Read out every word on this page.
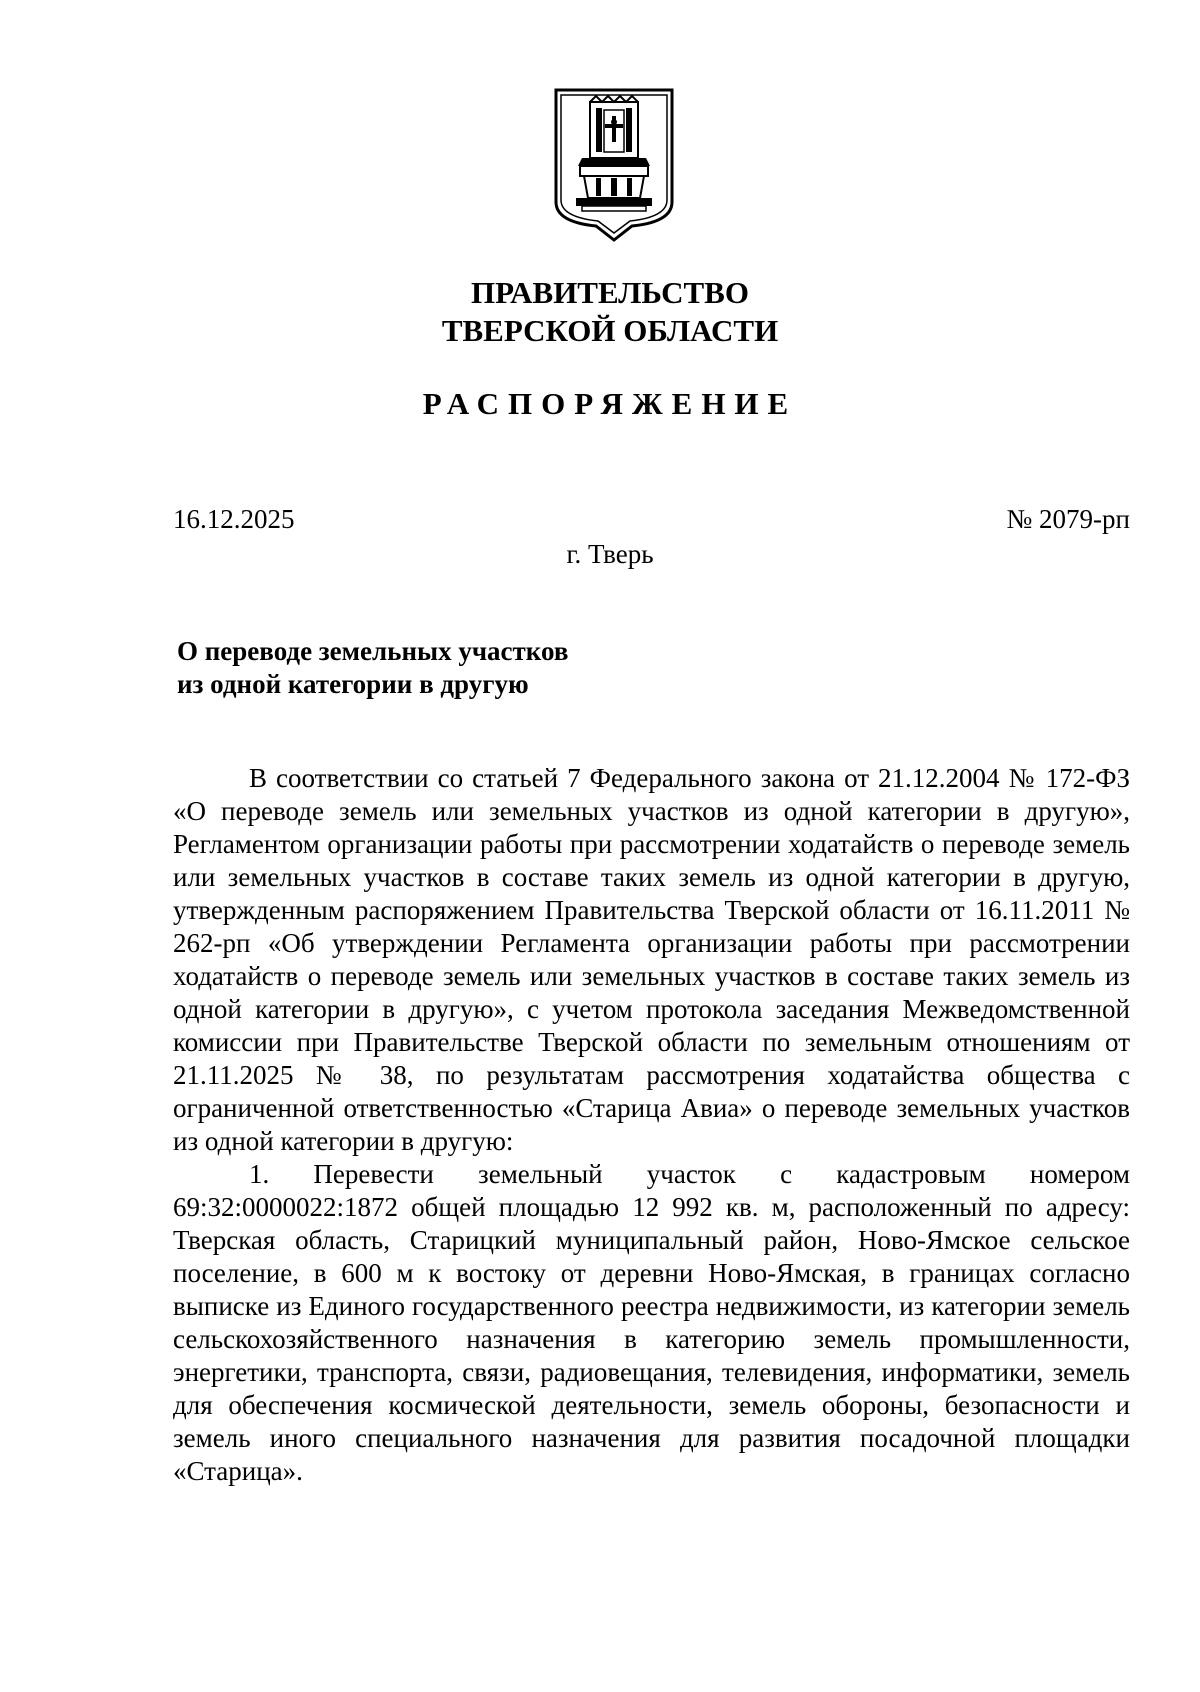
ПРАВИТЕЛЬСТВО
ТВЕРСКОЙ ОБЛАСТИ
РАСПОРЯЖЕНИЕ
16.12.2025	№ 2079-рп
г. Тверь
О переводе земельных участков
из одной категории в другую

В соответствии со статьей 7 Федерального закона от 21.12.2004 № 172-ФЗ «О переводе земель или земельных участков из одной категории в другую», Регламентом организации работы при рассмотрении ходатайств о переводе земель или земельных участков в составе таких земель из одной категории в другую, утвержденным распоряжением Правительства Тверской области от 16.11.2011 № 262-рп «Об утверждении Регламента организации работы при рассмотрении ходатайств о переводе земель или земельных участков в составе таких земель из одной категории в другую», с учетом протокола заседания Межведомственной комиссии при Правительстве Тверской области по земельным отношениям от 21.11.2025 № 38, по результатам рассмотрения ходатайства общества с ограниченной ответственностью «Старица Авиа» о переводе земельных участков из одной категории в другую:

1. Перевести земельный участок с кадастровым номером 69:32:0000022:1872 общей площадью 12 992 кв. м, расположенный по адресу: Тверская область, Старицкий муниципальный район, Ново-Ямское сельское поселение, в 600 м к востоку от деревни Ново-Ямская, в границах согласно выписке из Единого государственного реестра недвижимости, из категории земель сельскохозяйственного назначения в категорию земель промышленности, энергетики, транспорта, связи, радиовещания, телевидения, информатики, земель для обеспечения космической деятельности, земель обороны, безопасности и земель иного специального назначения для развития посадочной площадки «Старица».
